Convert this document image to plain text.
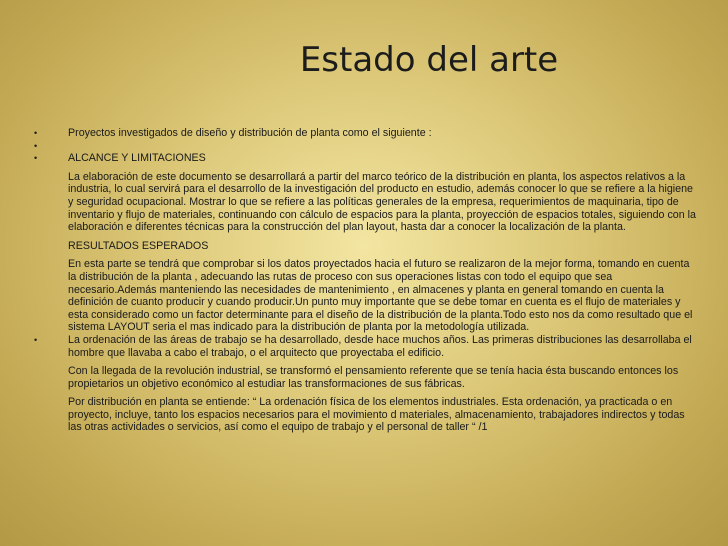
Estado del arte
•	Proyectos investigados de diseño y distribución de planta como el siguiente :

•

•	ALCANCE Y LIMITACIONES

La elaboración de este documento se desarrollará a partir del marco teórico de la distribución en planta, los aspectos relativos a la industria, lo cual servirá para el desarrollo de la investigación del producto en estudio, además conocer lo que se refiere a la higiene y seguridad ocupacional. Mostrar lo que se refiere a las políticas generales de la empresa, requerimientos de maquinaria, tipo de inventario y flujo de materiales, continuando con cálculo de espacios para la planta, proyección de espacios totales, siguiendo con la elaboración e diferentes técnicas para la construcción del plan layout, hasta dar a conocer la localización de la planta.

RESULTADOS ESPERADOS

En esta parte se tendrá que comprobar si los datos proyectados hacia el futuro se realizaron de la mejor forma, tomando en cuenta la distribución de la planta , adecuando las rutas de proceso con sus operaciones listas con todo el equipo que sea necesario.Además manteniendo las necesidades de mantenimiento , en almacenes y planta en general tomando en cuenta la definición de cuanto producir y cuando producir.Un punto muy importante que se debe tomar en cuenta es el flujo de materiales y esta considerado como un factor determinante para el diseño de la distribución de la planta.Todo esto nos da como resultado que el sistema LAYOUT seria el mas indicado para la distribución de planta por la metodología utilizada.

•	La ordenación de las áreas de trabajo se ha desarrollado, desde hace muchos años. Las primeras distribuciones las desarrollaba el hombre que llavaba a cabo el trabajo, o el arquitecto que proyectaba el edificio.

Con la llegada de la revolución industrial, se transformó el pensamiento referente que se tenía hacia ésta buscando entonces los propietarios un objetivo económico al estudiar las transformaciones de sus fábricas.

Por distribución en planta se entiende: “ La ordenación física de los elementos industriales. Esta ordenación, ya practicada o en proyecto, incluye, tanto los espacios necesarios para el movimiento d materiales, almacenamiento, trabajadores indirectos y todas las otras actividades o servicios, así como el equipo de trabajo y el personal de taller “ /1
